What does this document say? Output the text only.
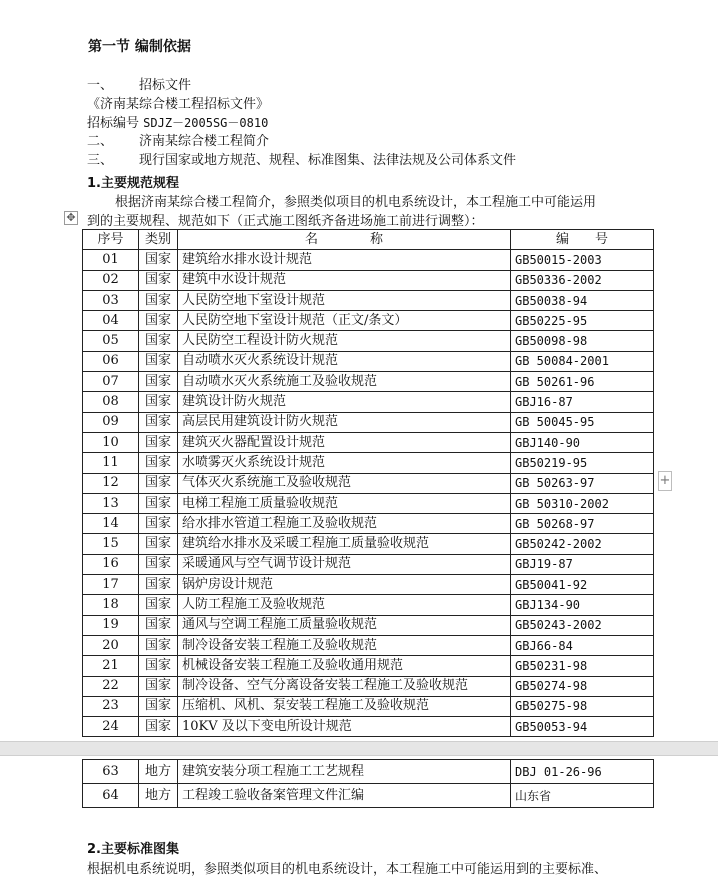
第一节 编制依据
一、 招标文件
《济南某综合楼工程招标文件》
招标编号 SDJZ－2005SG－0810
二、 济南某综合楼工程简介
三、 现行国家或地方规范、规程、标准图集、法律法规及公司体系文件
1.主要规范规程
根据济南某综合楼工程简介，参照类似项目的机电系统设计，本工程施工中可能运用
到的主要规程、规范如下（正式施工图纸齐备进场施工前进行调整）：
✥
+
序号	类别	名　　　　称	编　　号
01	国家	建筑给水排水设计规范	GB50015-2003
02	国家	建筑中水设计规范	GB50336-2002
03	国家	人民防空地下室设计规范	GB50038-94
04	国家	人民防空地下室设计规范（正文/条文）	GB50225-95
05	国家	人民防空工程设计防火规范	GB50098-98
06	国家	自动喷水灭火系统设计规范	GB 50084-2001
07	国家	自动喷水灭火系统施工及验收规范	GB 50261-96
08	国家	建筑设计防火规范	GBJ16-87
09	国家	高层民用建筑设计防火规范	GB 50045-95
10	国家	建筑灭火器配置设计规范	GBJ140-90
11	国家	水喷雾灭火系统设计规范	GB50219-95
12	国家	气体灭火系统施工及验收规范	GB 50263-97
13	国家	电梯工程施工质量验收规范	GB 50310-2002
14	国家	给水排水管道工程施工及验收规范	GB 50268-97
15	国家	建筑给水排水及采暖工程施工质量验收规范	GB50242-2002
16	国家	采暖通风与空气调节设计规范	GBJ19-87
17	国家	锅炉房设计规范	GB50041-92
18	国家	人防工程施工及验收规范	GBJ134-90
19	国家	通风与空调工程施工质量验收规范	GB50243-2002
20	国家	制冷设备安装工程施工及验收规范	GBJ66-84
21	国家	机械设备安装工程施工及验收通用规范	GB50231-98
22	国家	制冷设备、空气分离设备安装工程施工及验收规范	GB50274-98
23	国家	压缩机、风机、泵安装工程施工及验收规范	GB50275-98
24	国家	10KV 及以下变电所设计规范	GB50053-94
63	地方	建筑安装分项工程施工工艺规程	DBJ 01-26-96
64	地方	工程竣工验收备案管理文件汇编	山东省
2.主要标准图集
根据机电系统说明，参照类似项目的机电系统设计，本工程施工中可能运用到的主要标准、
